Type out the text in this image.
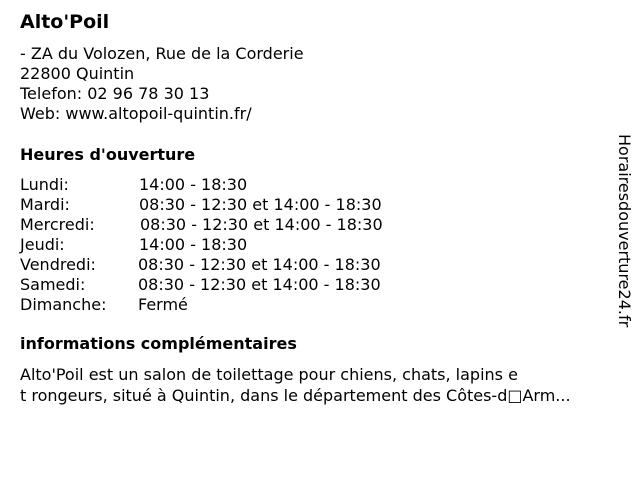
Alto'Poil
- ZA du Volozen, Rue de la Corderie
22800 Quintin
Telefon: 02 96 78 30 13
Web: www.altopoil-quintin.fr/
Heures d'ouverture
Lundi:	14:00 - 18:30
Mardi:	08:30 - 12:30 et 14:00 - 18:30
Mercredi:	08:30 - 12:30 et 14:00 - 18:30
Jeudi:	14:00 - 18:30
Vendredi:	08:30 - 12:30 et 14:00 - 18:30
Samedi:	08:30 - 12:30 et 14:00 - 18:30
Dimanche: Fermé
informations complémentaires
Alto'Poil est un salon de toilettage pour chiens, chats, lapins e
t rongeurs, situé à Quintin, dans le département des Côtes-d□Arm...
Horairesdouverture24.fr
